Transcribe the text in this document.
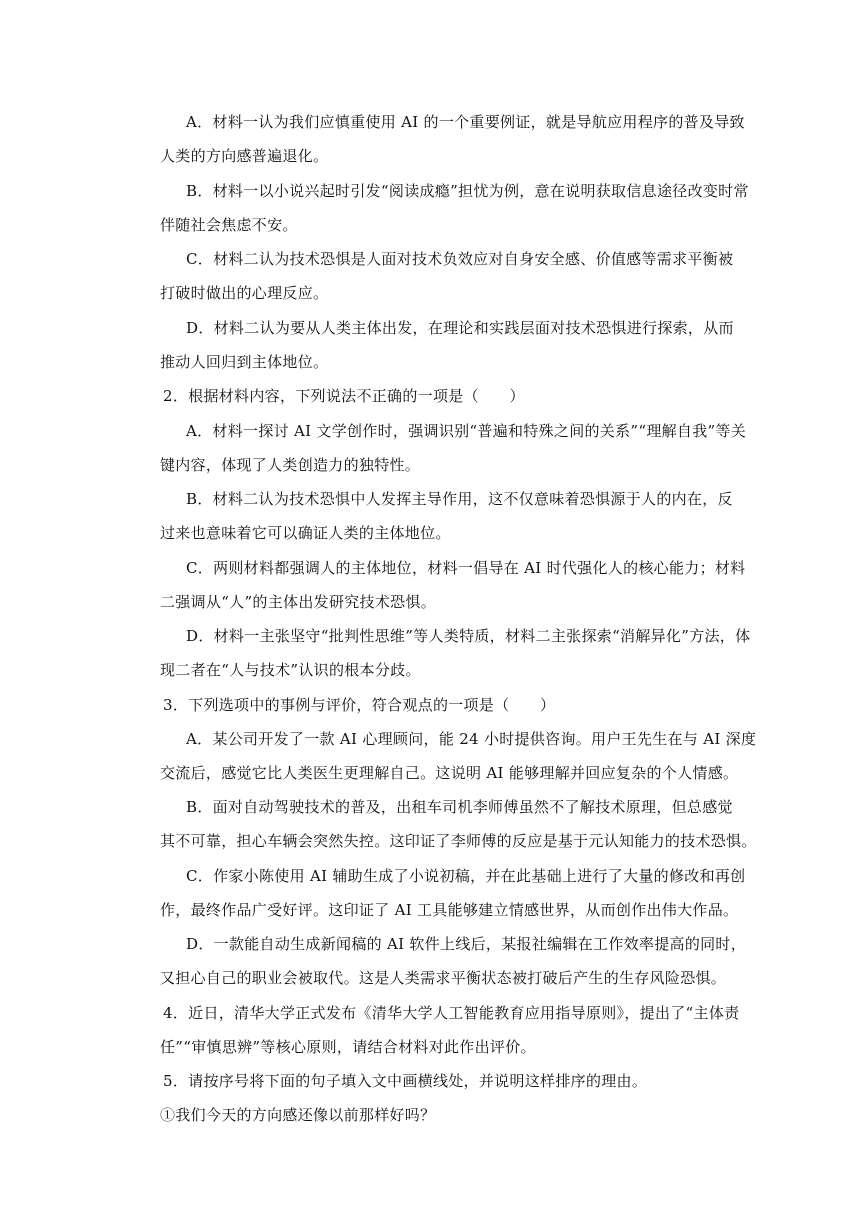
A．材料一认为我们应慎重使用 AI 的一个重要例证，就是导航应用程序的普及导致
人类的方向感普遍退化。
B．材料一以小说兴起时引发“阅读成瘾”担忧为例，意在说明获取信息途径改变时常
伴随社会焦虑不安。
C．材料二认为技术恐惧是人面对技术负效应对自身安全感、价值感等需求平衡被
打破时做出的心理反应。
D．材料二认为要从人类主体出发，在理论和实践层面对技术恐惧进行探索，从而
推动人回归到主体地位。
2．根据材料内容，下列说法不正确的一项是（　　）
A．材料一探讨 AI 文学创作时，强调识别“普遍和特殊之间的关系”“理解自我”等关
键内容，体现了人类创造力的独特性。
B．材料二认为技术恐惧中人发挥主导作用，这不仅意味着恐惧源于人的内在，反
过来也意味着它可以确证人类的主体地位。
C．两则材料都强调人的主体地位，材料一倡导在 AI 时代强化人的核心能力；材料
二强调从“人”的主体出发研究技术恐惧。
D．材料一主张坚守“批判性思维”等人类特质，材料二主张探索“消解异化”方法，体
现二者在“人与技术”认识的根本分歧。
3．下列选项中的事例与评价，符合观点的一项是（　　）
A．某公司开发了一款 AI 心理顾问，能 24 小时提供咨询。用户王先生在与 AI 深度
交流后，感觉它比人类医生更理解自己。这说明 AI 能够理解并回应复杂的个人情感。
B．面对自动驾驶技术的普及，出租车司机李师傅虽然不了解技术原理，但总感觉
其不可靠，担心车辆会突然失控。这印证了李师傅的反应是基于元认知能力的技术恐惧。
C．作家小陈使用 AI 辅助生成了小说初稿，并在此基础上进行了大量的修改和再创
作，最终作品广受好评。这印证了 AI 工具能够建立情感世界，从而创作出伟大作品。
D．一款能自动生成新闻稿的 AI 软件上线后，某报社编辑在工作效率提高的同时，
又担心自己的职业会被取代。这是人类需求平衡状态被打破后产生的生存风险恐惧。
4．近日，清华大学正式发布《清华大学人工智能教育应用指导原则》，提出了“主体责
任”“审慎思辨”等核心原则，请结合材料对此作出评价。
5．请按序号将下面的句子填入文中画横线处，并说明这样排序的理由。
①我们今天的方向感还像以前那样好吗？
